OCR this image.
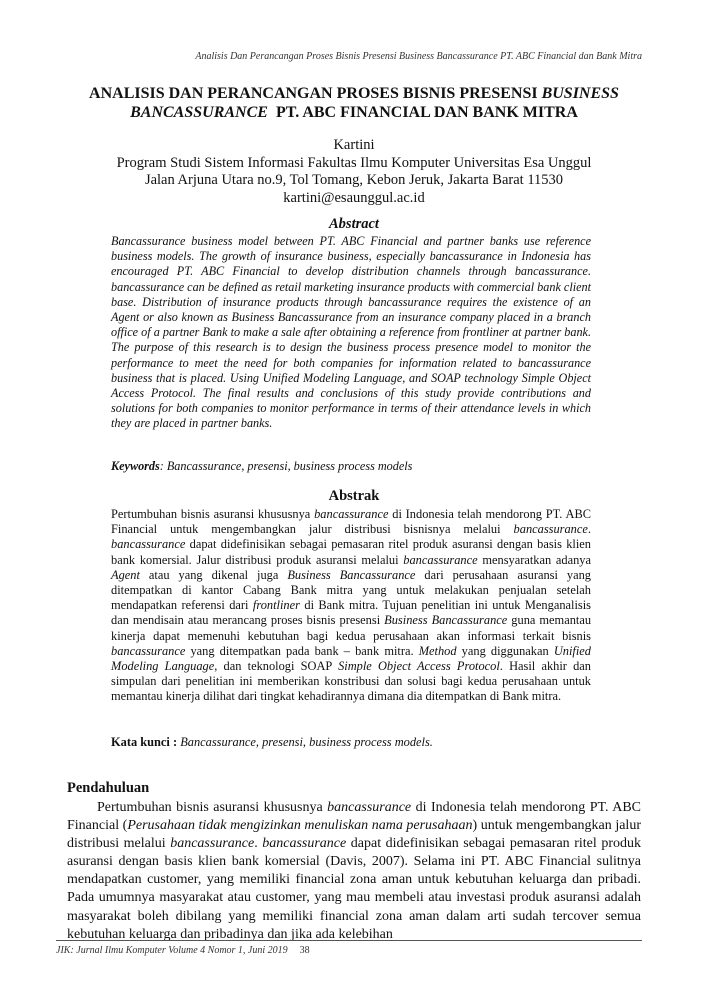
Analisis Dan Perancangan Proses Bisnis Presensi Business Bancassurance PT. ABC Financial dan Bank Mitra
ANALISIS DAN PERANCANGAN PROSES BISNIS PRESENSI BUSINESS
BANCASSURANCE  PT. ABC FINANCIAL DAN BANK MITRA
Kartini
Program Studi Sistem Informasi Fakultas Ilmu Komputer Universitas Esa Unggul
Jalan Arjuna Utara no.9, Tol Tomang, Kebon Jeruk, Jakarta Barat 11530
kartini@esaunggul.ac.id

Abstract

Bancassurance business model between PT. ABC Financial and partner banks use reference business models. The growth of insurance business, especially bancassurance in Indonesia has encouraged PT. ABC Financial to develop distribution channels through bancassurance. bancassurance can be defined as retail marketing insurance products with commercial bank client base. Distribution of insurance products through bancassurance requires the existence of an Agent or also known as Business Bancassurance from an insurance company placed in a branch office of a partner Bank to make a sale after obtaining a reference from frontliner at partner bank. The purpose of this research is to design the business process presence model to monitor the performance to meet the need for both companies for information related to bancassurance business that is placed. Using Unified Modeling Language, and SOAP technology Simple Object Access Protocol. The final results and conclusions of this study provide contributions and solutions for both companies to monitor performance in terms of their attendance levels in which they are placed in partner banks.

Keywords: Bancassurance, presensi, business process models

Abstrak

Pertumbuhan bisnis asuransi khususnya bancassurance di Indonesia telah mendorong PT. ABC Financial untuk mengembangkan jalur distribusi bisnisnya melalui bancassurance. bancassurance dapat didefinisikan sebagai pemasaran ritel produk asuransi dengan basis klien bank komersial. Jalur distribusi produk asuransi melalui bancassurance mensyaratkan adanya Agent atau yang dikenal juga Business Bancassurance dari perusahaan asuransi yang ditempatkan di kantor Cabang Bank mitra yang untuk melakukan penjualan setelah mendapatkan referensi dari frontliner di Bank mitra. Tujuan penelitian ini untuk Menganalisis dan mendisain atau merancang proses bisnis presensi Business Bancassurance guna memantau kinerja dapat memenuhi kebutuhan bagi kedua perusahaan akan informasi terkait bisnis bancassurance yang ditempatkan pada bank – bank mitra. Method yang diggunakan Unified Modeling Language, dan teknologi SOAP Simple Object Access Protocol. Hasil akhir dan simpulan dari penelitian ini memberikan konstribusi dan solusi bagi kedua perusahaan untuk memantau kinerja dilihat dari tingkat kehadirannya dimana dia ditempatkan di Bank mitra.

Kata kunci : Bancassurance, presensi, business process models.

Pendahuluan

Pertumbuhan bisnis asuransi khususnya bancassurance di Indonesia telah mendorong PT. ABC Financial (Perusahaan tidak mengizinkan menuliskan nama perusahaan) untuk mengembangkan jalur distribusi melalui bancassurance. bancassurance dapat didefinisikan sebagai pemasaran ritel produk asuransi dengan basis klien bank komersial (Davis, 2007). Selama ini PT. ABC Financial sulitnya mendapatkan customer, yang memiliki financial zona aman untuk kebutuhan keluarga dan pribadi. Pada umumnya masyarakat atau customer, yang mau membeli atau investasi produk asuransi adalah masyarakat boleh dibilang yang memiliki financial zona aman dalam arti sudah tercover semua kebutuhan keluarga dan pribadinya dan jika ada kelebihan

JIK: Jurnal Ilmu Komputer Volume 4 Nomor 1, Juni 2019 38
